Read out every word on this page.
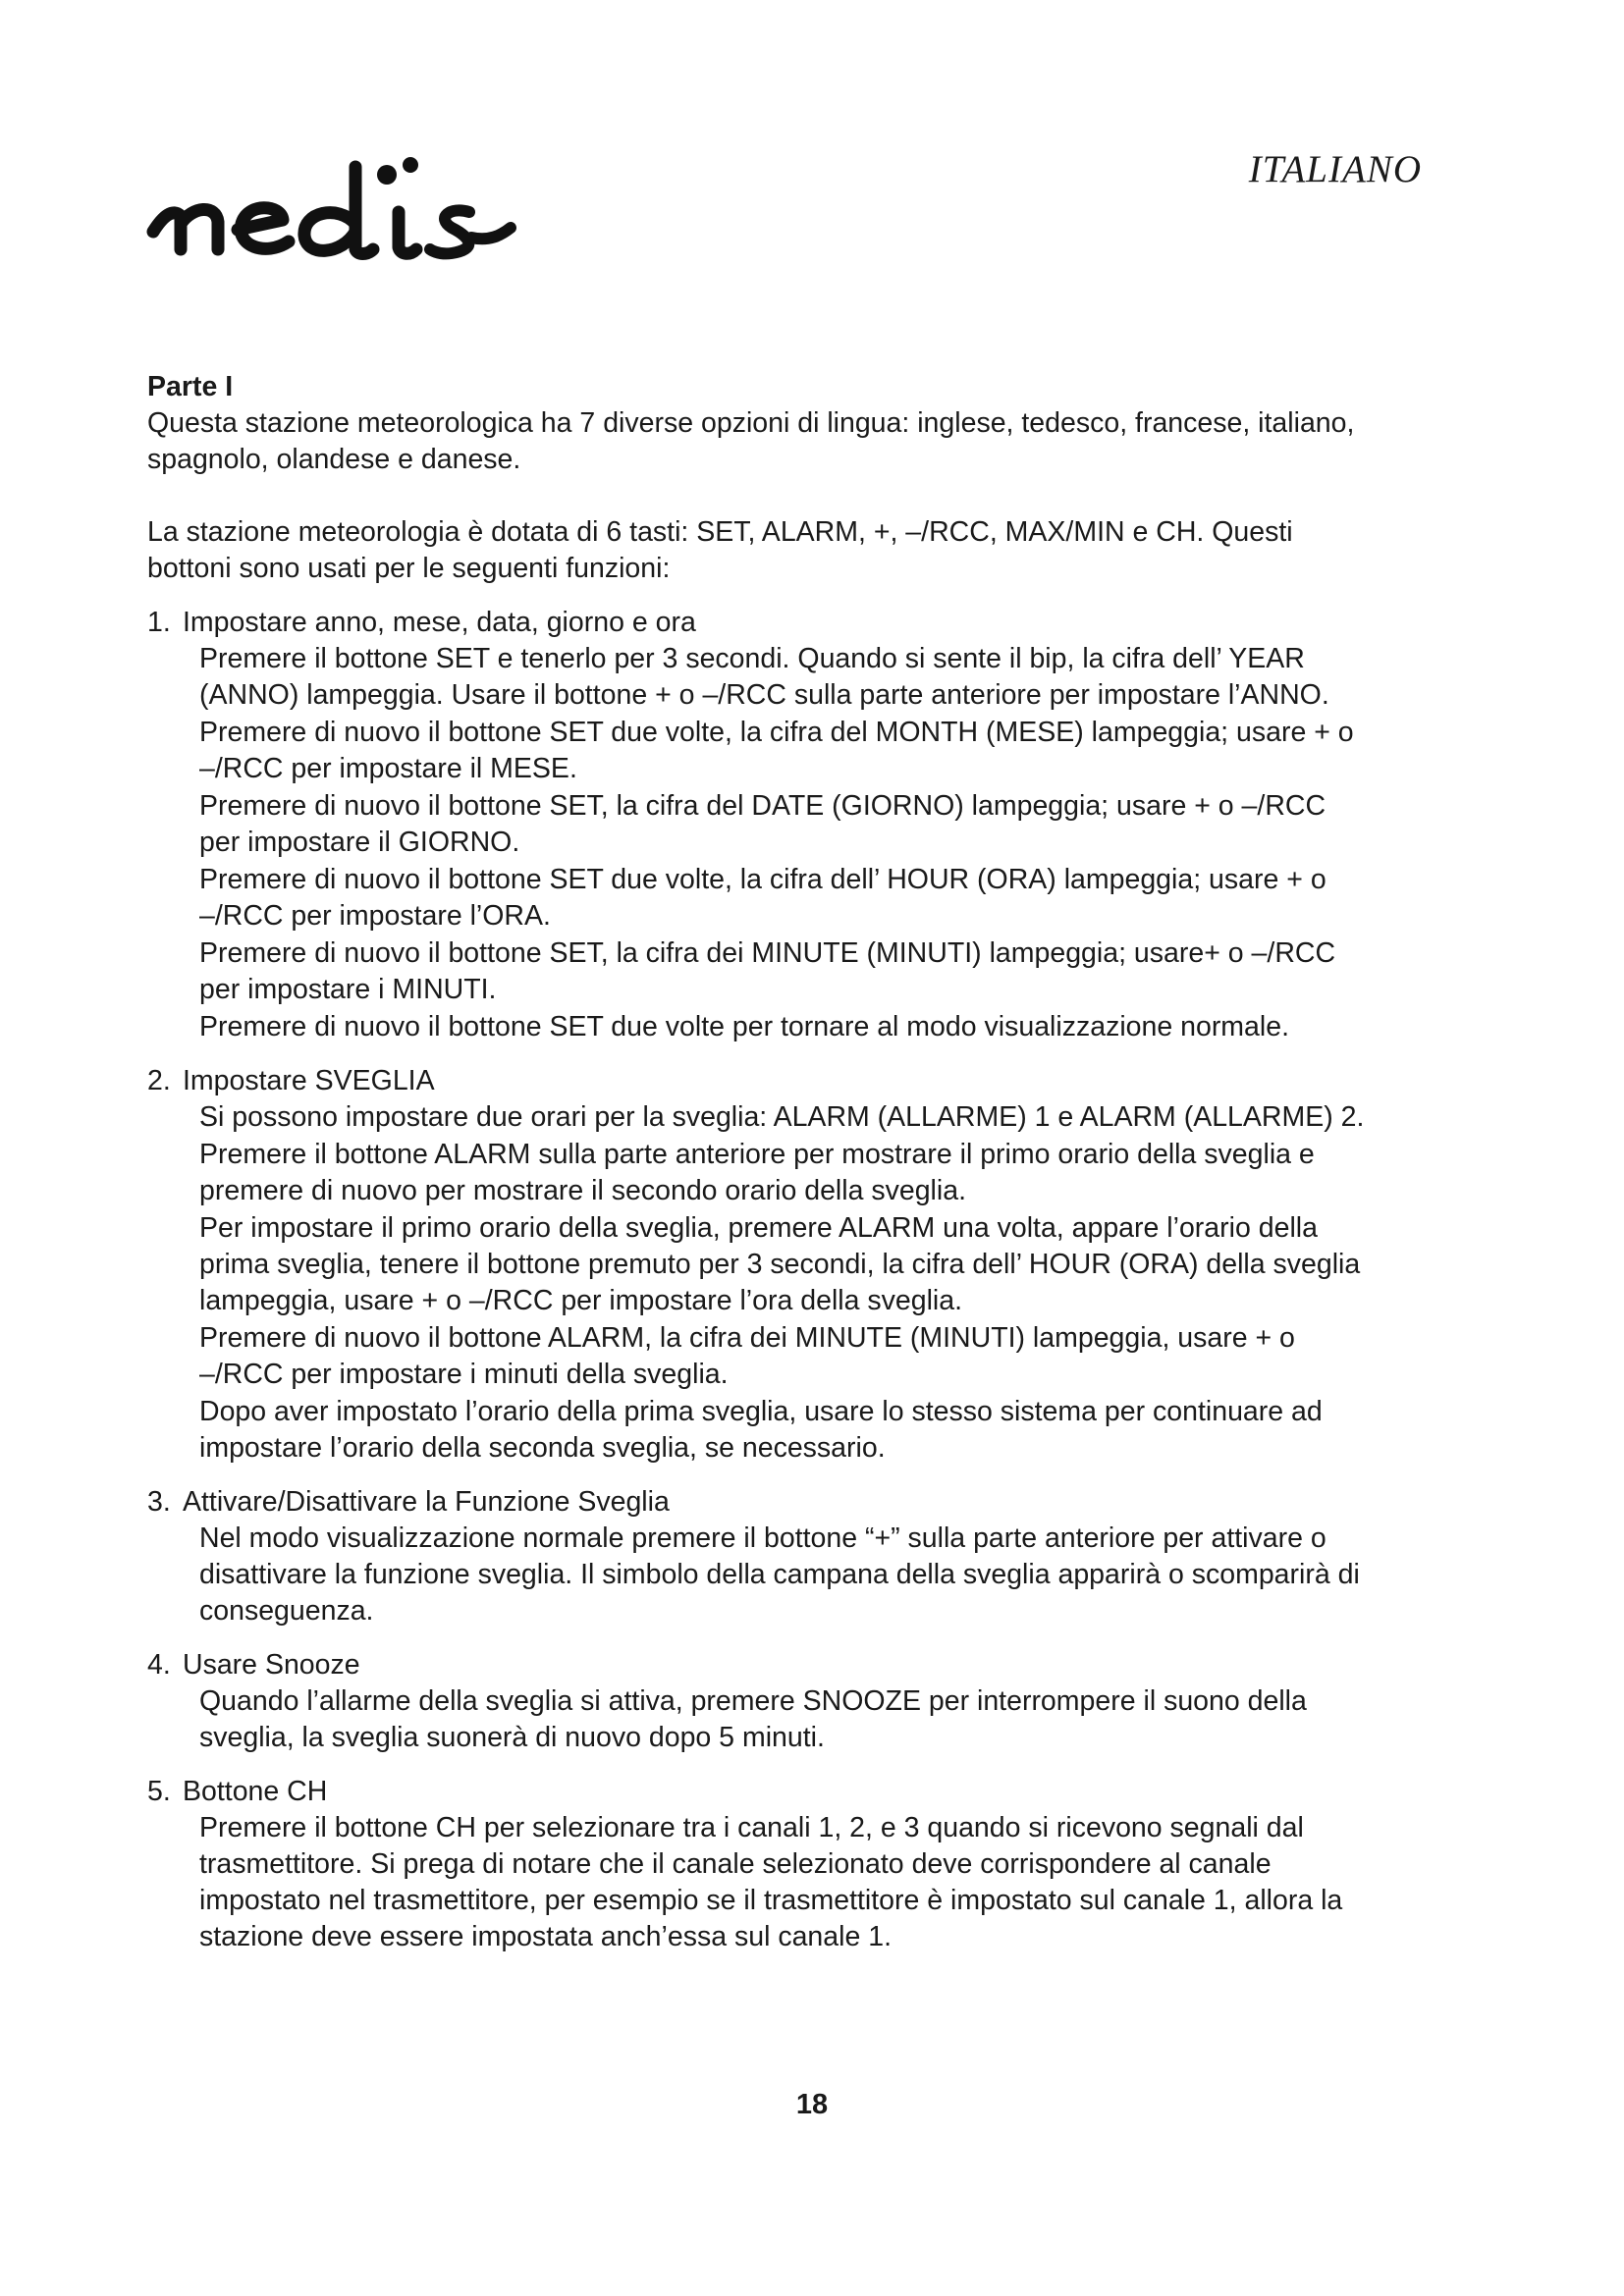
ITALIANO

Parte I

Questa stazione meteorologica ha 7 diverse opzioni di lingua: inglese, tedesco, francese, italiano, spagnolo, olandese e danese.

La stazione meteorologia è dotata di 6 tasti: SET, ALARM, +, –/RCC, MAX/MIN e CH. Questi bottoni sono usati per le seguenti funzioni:

1. Impostare anno, mese, data, giorno e ora

Premere il bottone SET e tenerlo per 3 secondi. Quando si sente il bip, la cifra dell’ YEAR (ANNO) lampeggia. Usare il bottone + o –/RCC sulla parte anteriore per impostare l’ANNO.

Premere di nuovo il bottone SET due volte, la cifra del MONTH (MESE) lampeggia; usare + o –/RCC per impostare il MESE.

Premere di nuovo il bottone SET, la cifra del DATE (GIORNO) lampeggia; usare + o –/RCC per impostare il GIORNO.

Premere di nuovo il bottone SET due volte, la cifra dell’ HOUR (ORA) lampeggia; usare + o –/RCC per impostare l’ORA.

Premere di nuovo il bottone SET, la cifra dei MINUTE (MINUTI) lampeggia; usare+ o –/RCC per impostare i MINUTI.

Premere di nuovo il bottone SET due volte per tornare al modo visualizzazione normale.

2. Impostare SVEGLIA

Si possono impostare due orari per la sveglia: ALARM (ALLARME) 1 e ALARM (ALLARME) 2.

Premere il bottone ALARM sulla parte anteriore per mostrare il primo orario della sveglia e premere di nuovo per mostrare il secondo orario della sveglia.

Per impostare il primo orario della sveglia, premere ALARM una volta, appare l’orario della prima sveglia, tenere il bottone premuto per 3 secondi, la cifra dell’ HOUR (ORA) della sveglia lampeggia, usare + o –/RCC per impostare l’ora della sveglia.

Premere di nuovo il bottone ALARM, la cifra dei MINUTE (MINUTI) lampeggia, usare + o –/RCC per impostare i minuti della sveglia.

Dopo aver impostato l’orario della prima sveglia, usare lo stesso sistema per continuare ad impostare l’orario della seconda sveglia, se necessario.

3. Attivare/Disattivare la Funzione Sveglia

Nel modo visualizzazione normale premere il bottone “+” sulla parte anteriore per attivare o disattivare la funzione sveglia. Il simbolo della campana della sveglia apparirà o scomparirà di conseguenza.

4. Usare Snooze

Quando l’allarme della sveglia si attiva, premere SNOOZE per interrompere il suono della sveglia, la sveglia suonerà di nuovo dopo 5 minuti.

5. Bottone CH

Premere il bottone CH per selezionare tra i canali 1, 2, e 3 quando si ricevono segnali dal trasmettitore. Si prega di notare che il canale selezionato deve corrispondere al canale impostato nel trasmettitore, per esempio se il trasmettitore è impostato sul canale 1, allora la stazione deve essere impostata anch’essa sul canale 1.

18
